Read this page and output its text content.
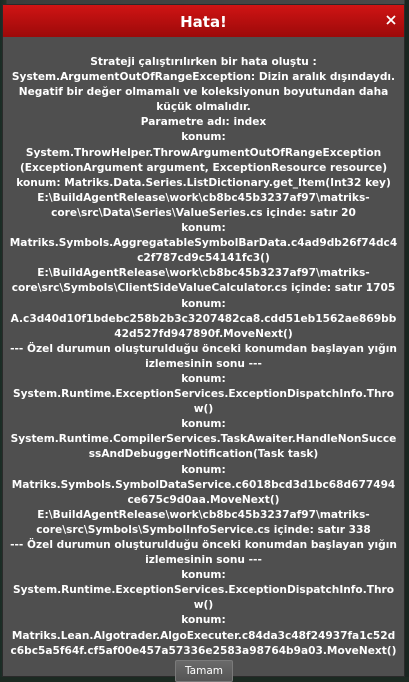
Hata!
Strateji çalıştırılırken bir hata oluştu :
System.ArgumentOutOfRangeException: Dizin aralık dışındaydı. Negatif bir değer olmamalı ve koleksiyonun boyutundan daha küçük olmalıdır.
Parametre adı: index
konum: System.ThrowHelper.ThrowArgumentOutOfRangeException (ExceptionArgument argument, ExceptionResource resource)
konum: Matriks.Data.Series.ListDictionary.get_Item(Int32 key) E:\BuildAgentRelease\work\cb8bc45b3237af97\matriks-core\src\Data\Series\ValueSeries.cs içinde: satır 20
konum:
Matriks.Symbols.AggregatableSymbolBarData.c4ad9db26f74dc4c2f787cd9c54141fc3() E:\BuildAgentRelease\work\cb8bc45b3237af97\matriks-core\src\Symbols\ClientSideValueCalculator.cs içinde: satır 1705
konum:
A.c3d40d10f1bdebc258b2b3c3207482ca8.cdd51eb1562ae869bb42d527fd947890f.MoveNext()
--- Özel durumun oluşturulduğu önceki konumdan başlayan yığın izlemesinin sonu ---
konum:
System.Runtime.ExceptionServices.ExceptionDispatchInfo.Throw()
konum:
System.Runtime.CompilerServices.TaskAwaiter.HandleNonSuccessAndDebuggerNotification(Task task)
konum:
Matriks.Symbols.SymbolDataService.c6018bcd3d1bc68d677494ce675c9d0aa.MoveNext() E:\BuildAgentRelease\work\cb8bc45b3237af97\matriks-core\src\Symbols\SymbolInfoService.cs içinde: satır 338
--- Özel durumun oluşturulduğu önceki konumdan başlayan yığın izlemesinin sonu ---
konum:
System.Runtime.ExceptionServices.ExceptionDispatchInfo.Throw()
konum:
Matriks.Lean.Algotrader.AlgoExecuter.c84da3c48f24937fa1c52dc6bc5a5f64f.cf5af00e457a57336e2583a98764b9a03.MoveNext()
Tamam
